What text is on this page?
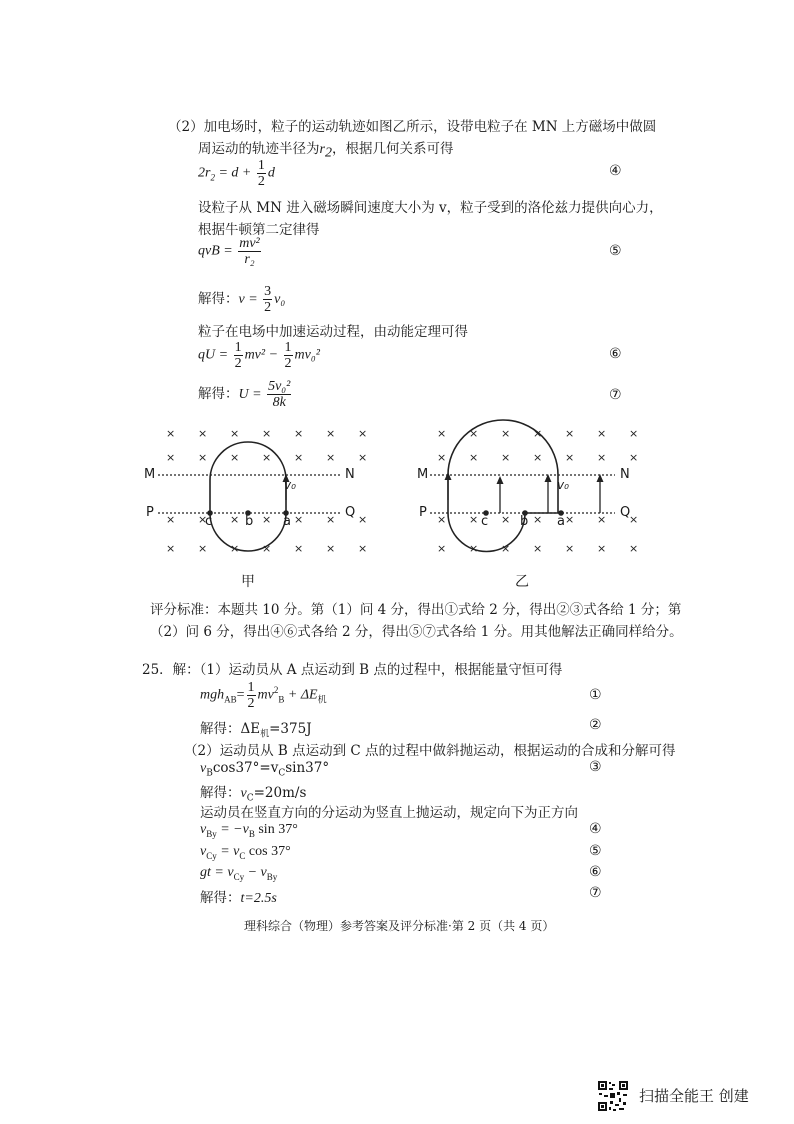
（2）加电场时，粒子的运动轨迹如图乙所示，设带电粒子在 MN 上方磁场中做圆
周运动的轨迹半径为$r_2$，根据几何关系可得
$2r_2 = d + \frac{1}{2}$ d	④
设粒子从 MN 进入磁场瞬间速度大小为 v，粒子受到的洛伦兹力提供向心力，
根据牛顿第二定律得
qvB = $\frac{\text{mv²}}{\text{r₂}}$	⑤
解得：$v = \frac{3}{2} v_0$
粒子在电场中加速运动过程，由动能定理可得
qU = $\frac{1}{2} mv^2 - \frac{1}{2} mv_0^2$	⑥
解得：$U = \frac{\text{5v₀²}}{8k}$	⑦
× × × × × × ×
× × × × × × ×
× × × × × × ×
× × × × × × ×
× × × × × × ×
× × × × × × ×
× × × × × × ×
× × × × × × ×
M	N
P	Q
c	b a
v₀
甲
M	N
P	Q
c b a
v₀
乙
评分标准：本题共 10 分。第（1）问 4 分，得出①式给 2 分，得出②③式各给 1 分；第
（2）问 6 分，得出④⑥式各给 2 分，得出⑤⑦式各给 1 分。用其他解法正确同样给分。
25．解：（1）运动员从 A 点运动到 B 点的过程中，根据能量守恒可得
$mgh_{AB}= \frac{1}{2} mv^2_B + \Delta E_机$	①
解得：$\Delta E_机=375J$	②
（2）运动员从 B 点运动到 C 点的过程中做斜抛运动，根据运动的合成和分解可得
$v_B\cos 37^\circ=v_C\sin 37^\circ$	③
解得：$v_C=20m/s$
运动员在竖直方向的分运动为竖直上抛运动，规定向下为正方向
$v_{By} = -v_B$ sin 37°	④
$v_{Cy} = v_C$ cos 37°	⑤
gt = $v_{Cy} - v_{By}$	⑥
解得：t=2.5s	⑦
理科综合（物理）参考答案及评分标准·第 2 页（共 4 页）
扫描全能王 创建
